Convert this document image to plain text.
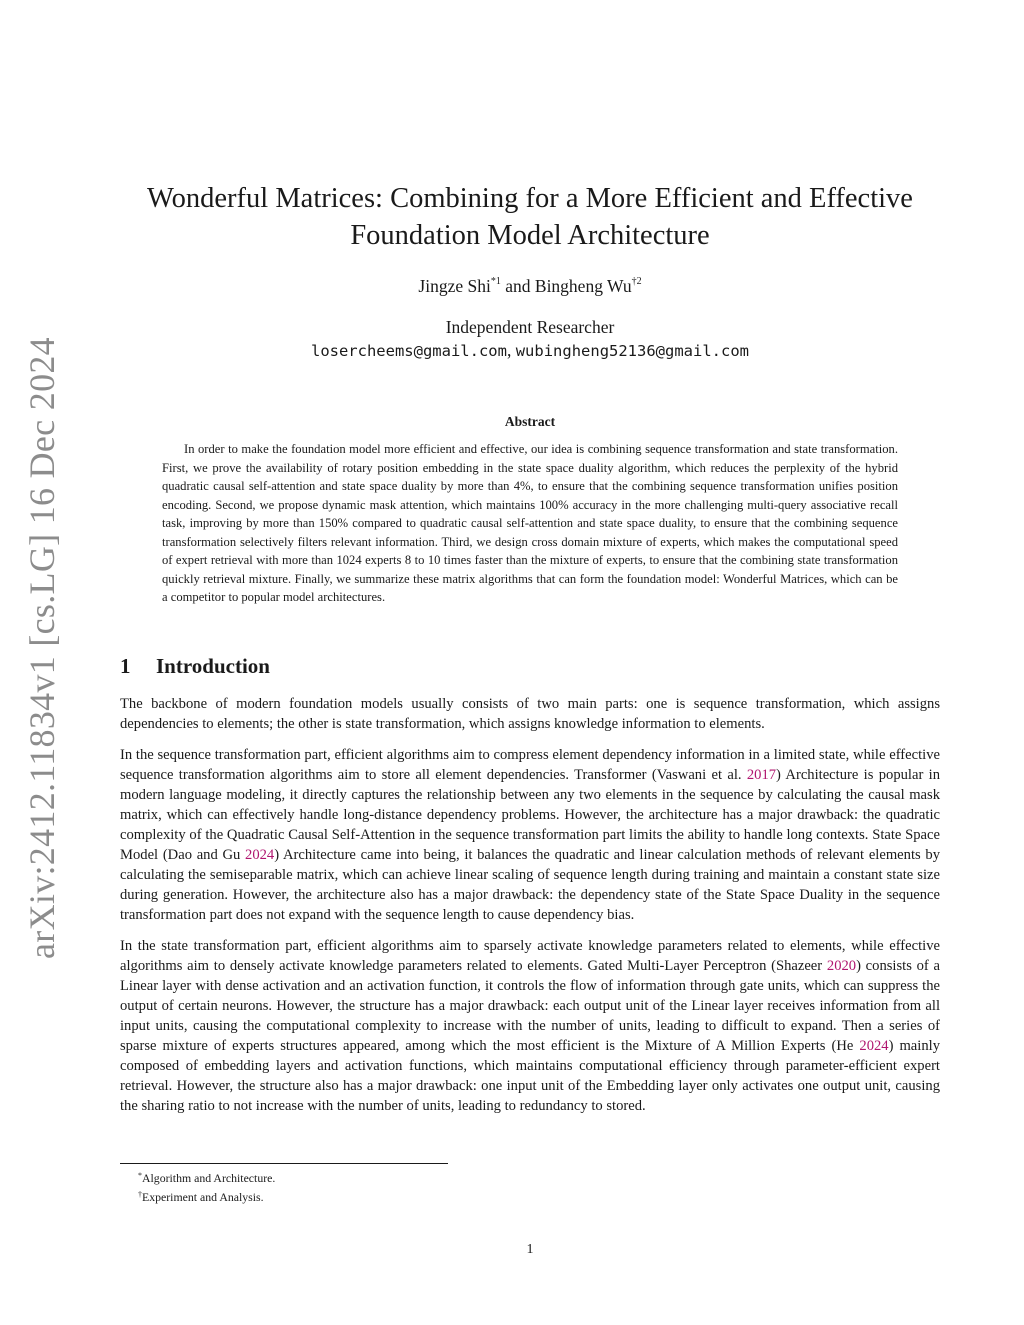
arXiv:2412.11834v1 [cs.LG] 16 Dec 2024
Wonderful Matrices: Combining for a More Efficient and Effective
Foundation Model Architecture
Jingze Shi$^{*1}$ and Bingheng Wu$^{\dagger 2}$
Independent Researcher
losercheems@gmail.com, wubingheng52136@gmail.com
Abstract

In order to make the foundation model more efficient and effective, our idea is combining sequence transformation and state transformation. First, we prove the availability of rotary position embedding in the state space duality algorithm, which reduces the perplexity of the hybrid quadratic causal self-attention and state space duality by more than 4%, to ensure that the combining sequence transformation unifies position encoding. Second, we propose dynamic mask attention, which maintains 100% accuracy in the more challenging multi-query associative recall task, improving by more than 150% compared to quadratic causal self-attention and state space duality, to ensure that the combining sequence transformation selectively filters relevant information. Third, we design cross domain mixture of experts, which makes the computational speed of expert retrieval with more than 1024 experts 8 to 10 times faster than the mixture of experts, to ensure that the combining state transformation quickly retrieval mixture. Finally, we summarize these matrix algorithms that can form the foundation model: Wonderful Matrices, which can be a competitor to popular model architectures.

1 Introduction

The backbone of modern foundation models usually consists of two main parts: one is sequence transformation, which assigns dependencies to elements; the other is state transformation, which assigns knowledge information to elements.

In the sequence transformation part, efficient algorithms aim to compress element dependency information in a limited state, while effective sequence transformation algorithms aim to store all element dependencies. Transformer (Vaswani et al. 2017) Architecture is popular in modern language modeling, it directly captures the relationship between any two elements in the sequence by calculating the causal mask matrix, which can effectively handle long-distance dependency problems. However, the architecture has a major drawback: the quadratic complexity of the Quadratic Causal Self-Attention in the sequence transformation part limits the ability to handle long contexts. State Space Model (Dao and Gu 2024) Architecture came into being, it balances the quadratic and linear calculation methods of relevant elements by calculating the semiseparable matrix, which can achieve linear scaling of sequence length during training and maintain a constant state size during generation. However, the architecture also has a major drawback: the dependency state of the State Space Duality in the sequence transformation part does not expand with the sequence length to cause dependency bias.

In the state transformation part, efficient algorithms aim to sparsely activate knowledge parameters related to elements, while effective algorithms aim to densely activate knowledge parameters related to elements. Gated Multi-Layer Perceptron (Shazeer 2020) consists of a Linear layer with dense activation and an activation function, it controls the flow of information through gate units, which can suppress the output of certain neurons. However, the structure has a major drawback: each output unit of the Linear layer receives information from all input units, causing the computational complexity to increase with the number of units, leading to difficult to expand. Then a series of sparse mixture of experts structures appeared, among which the most efficient is the Mixture of A Million Experts (He 2024) mainly composed of embedding layers and activation functions, which maintains computational efficiency through parameter-efficient expert retrieval. However, the structure also has a major drawback: one input unit of the Embedding layer only activates one output unit, causing the sharing ratio to not increase with the number of units, leading to redundancy to stored.

*Algorithm and Architecture.
†Experiment and Analysis.
1
